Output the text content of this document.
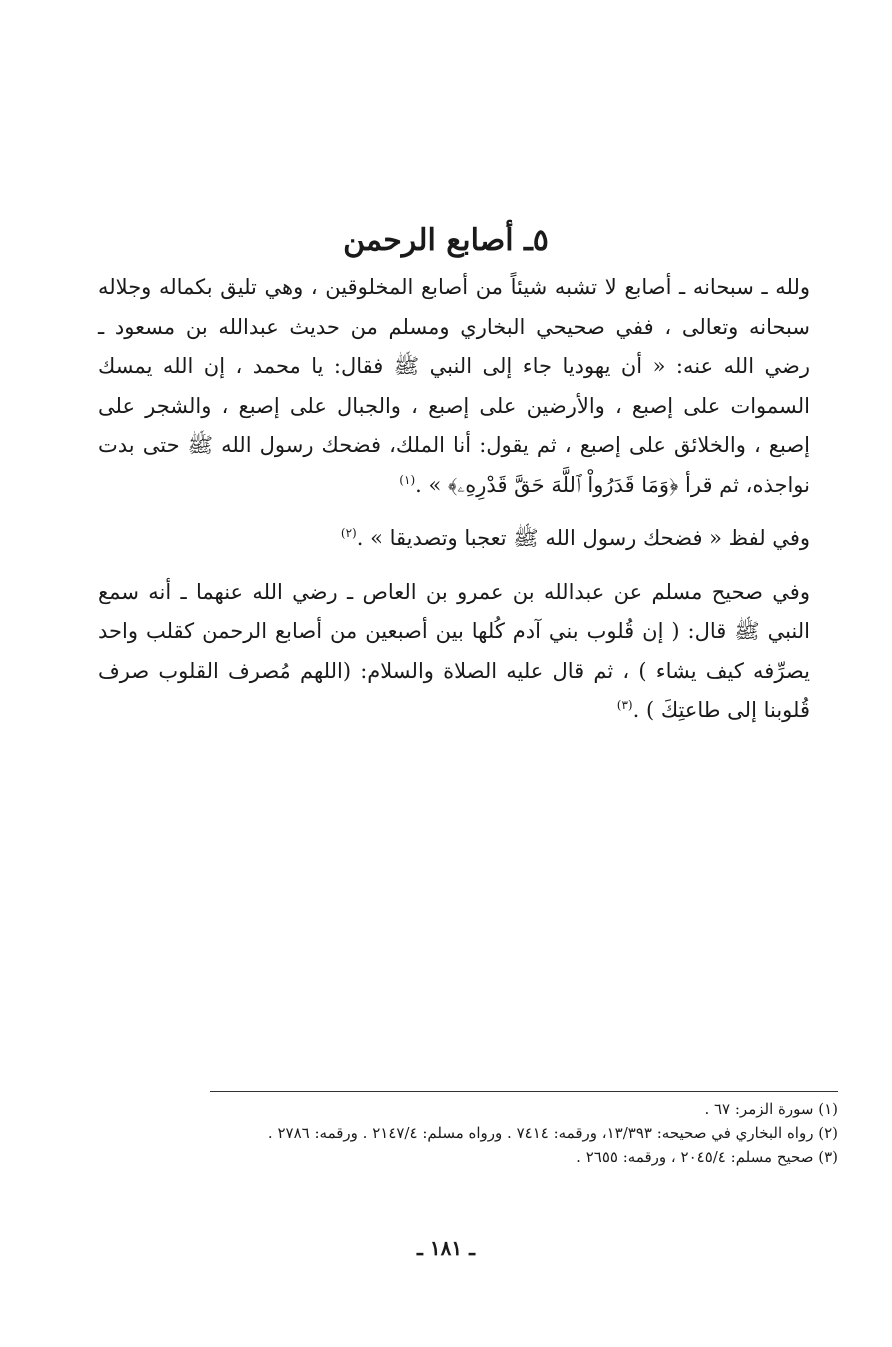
٥ـ أصابع الرحمن

ولله ـ سبحانه ـ أصابع لا تشبه شيئاً من أصابع المخلوقين ، وهي تليق بكماله وجلاله سبحانه وتعالى ، ففي صحيحي البخاري ومسلم من حديث عبدالله بن مسعود ـ رضي الله عنه: « أن يهوديا جاء إلى النبي ﷺ فقال: يا محمد ، إن الله يمسك السموات على إصبع ، والأرضين على إصبع ، والجبال على إصبع ، والشجر على إصبع ، والخلائق على إصبع ، ثم يقول: أنا الملك، فضحك رسول الله ﷺ حتى بدت نواجذه، ثم قرأ ﴿وَمَا قَدَرُواْ ٱللَّهَ حَقَّ قَدْرِهِۦ﴾ » .$^{(١)}$

وفي لفظ « فضحك رسول الله ﷺ تعجبا وتصديقا » .$^{(٢)}$

وفي صحيح مسلم عن عبدالله بن عمرو بن العاص ـ رضي الله عنهما ـ أنه سمع النبي ﷺ قال: ( إن قُلوب بني آدم كُلها بين أصبعين من أصابع الرحمن كقلب واحد يصرِّفه كيف يشاء ) ، ثم قال عليه الصلاة والسلام: (اللهم مُصرف القلوب صرف قُلوبنا إلى طاعتِكَ ) .$^{(٣)}$

(١) سورة الزمر: ٦٧ .

(٢) رواه البخاري في صحيحه: ١٣/٣٩٣، ورقمه: ٧٤١٤ . ورواه مسلم: ٢١٤٧/٤ . ورقمه: ٢٧٨٦ .

(٣) صحيح مسلم: ٢٠٤٥/٤ ، ورقمه: ٢٦٥٥ .

ـ ١٨١ ـ
